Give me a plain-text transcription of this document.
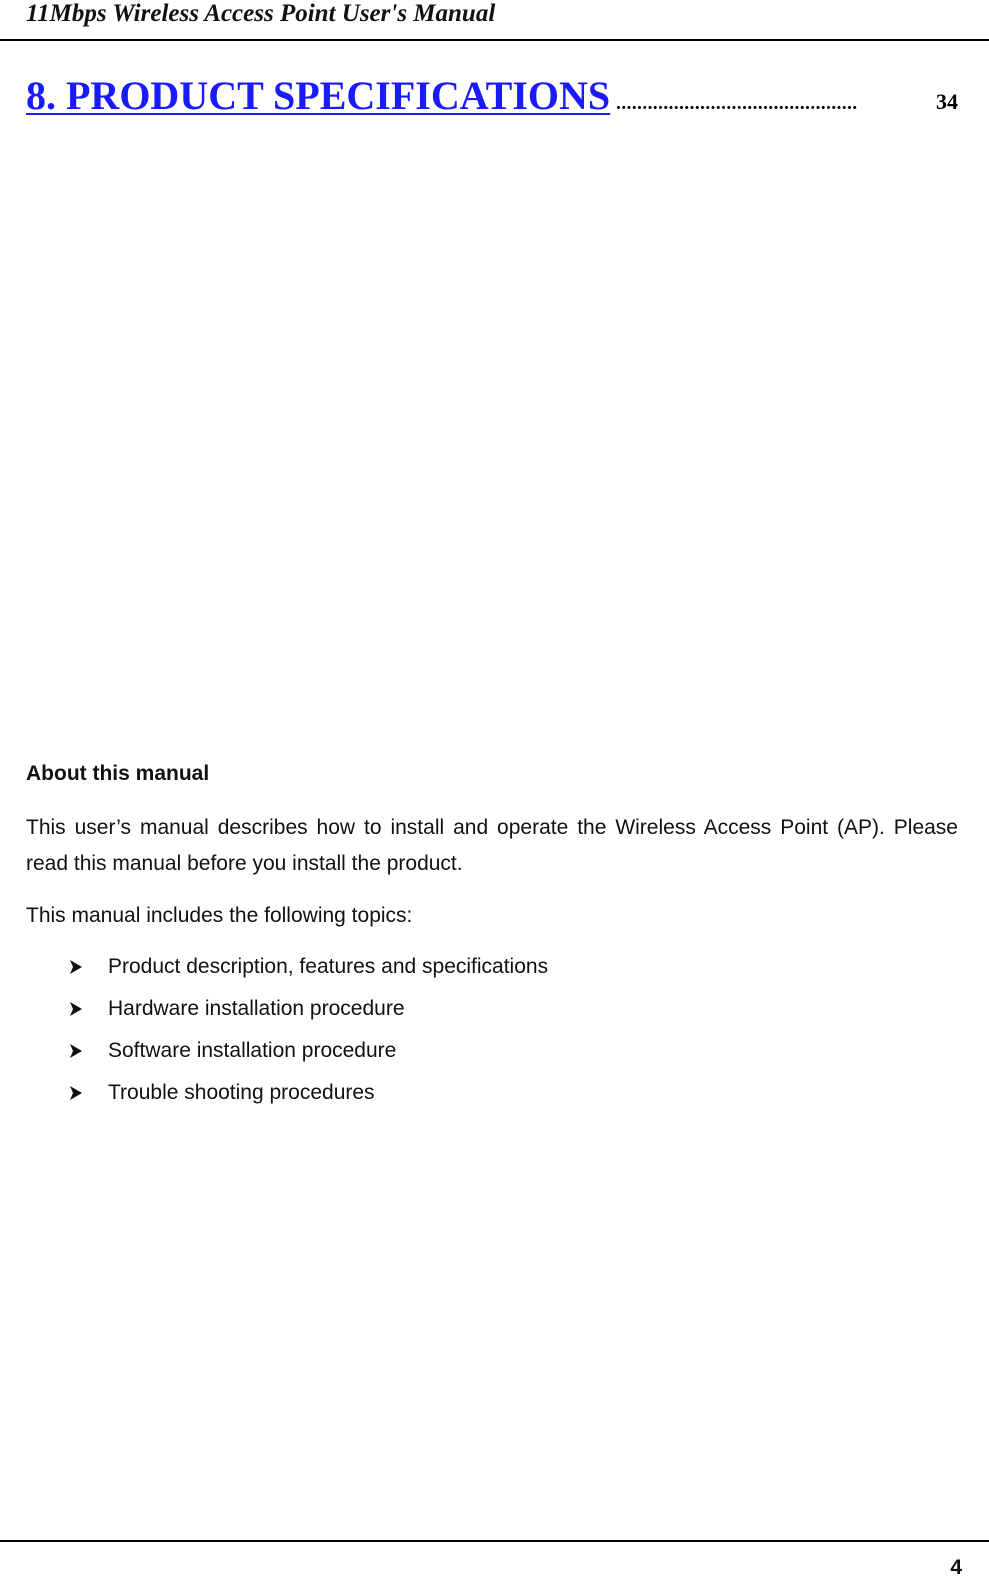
11Mbps Wireless Access Point User's Manual
8. PRODUCT SPECIFICATIONS ..............................................	34
About this manual
This user’s manual describes how to install and operate the Wireless Access Point (AP). Please read this manual before you install the product.
This manual includes the following topics:
Product description, features and specifications
Hardware installation procedure
Software installation procedure
Trouble shooting procedures
4
